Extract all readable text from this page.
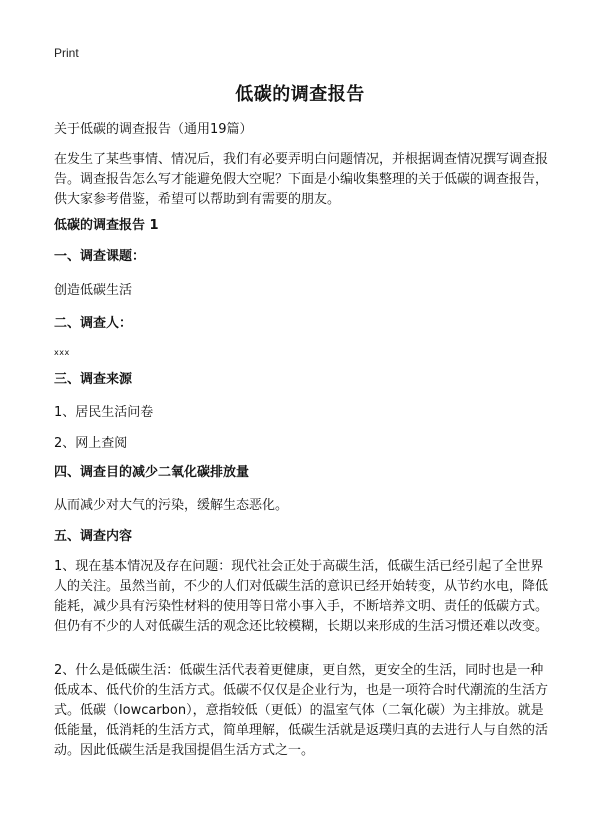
Print
低碳的调查报告

关于低碳的调查报告（通用19篇）

在发生了某些事情、情况后，我们有必要弄明白问题情况，并根据调查情况撰写调查报告。调查报告怎么写才能避免假大空呢？下面是小编收集整理的关于低碳的调查报告，供大家参考借鉴，希望可以帮助到有需要的朋友。

低碳的调查报告 1

一、调查课题：

创造低碳生活

二、调查人：

xxx

三、调查来源

1、居民生活问卷

2、网上查阅

四、调查目的减少二氧化碳排放量

从而减少对大气的污染，缓解生态恶化。

五、调查内容

1、现在基本情况及存在问题：现代社会正处于高碳生活，低碳生活已经引起了全世界人的关注。虽然当前，不少的人们对低碳生活的意识已经开始转变，从节约水电，降低能耗，减少具有污染性材料的使用等日常小事入手，不断培养文明、责任的低碳方式。但仍有不少的人对低碳生活的观念还比较模糊，长期以来形成的生活习惯还难以改变。

2、什么是低碳生活：低碳生活代表着更健康，更自然，更安全的生活，同时也是一种低成本、低代价的生活方式。低碳不仅仅是企业行为，也是一项符合时代潮流的生活方式。低碳（lowcarbon），意指较低（更低）的温室气体（二氧化碳）为主排放。就是低能量，低消耗的生活方式，简单理解，低碳生活就是返璞归真的去进行人与自然的活动。因此低碳生活是我国提倡生活方式之一。
